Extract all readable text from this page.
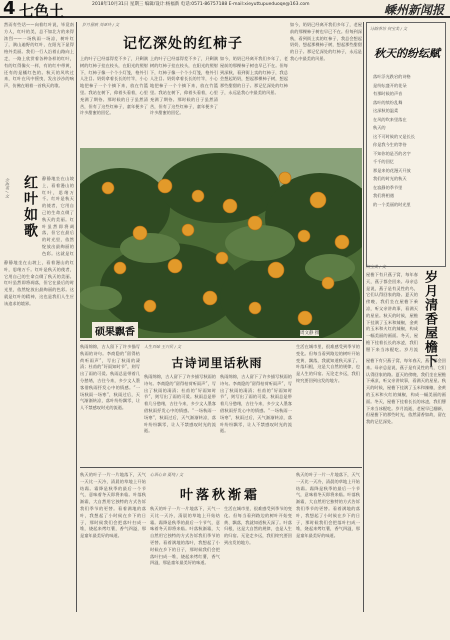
4 七色土	2018年10月31日 星期三 编辑/设计:杨福新 电话:0571-86757188 E-mail:xieyuttupueduoqe@163.com	嵊州新闻报
然而有些话——向着红叶说，毕竟南方人，红叶的美，总不如北方的来得浓烈——一场秋雨一场凉，树叶红了，满山遍野的红叶，在阳光下显得格外美丽。我们一行人沿着山路向上走，一路上欣赏着各种各样的红叶，有的红得像火一样，有的红中带黄，还有的是橘红色的。秋天的风吹过来，红叶在风中摇曳，发出沙沙的响声，仿佛在唱着一首秋天的歌。
余海英 / 文 红叶如歌 静静地坐在山坡上，看着漫山的红叶，思绪万千。红叶是秋天的使者，它用自己的生命点缀了秋天的美丽。红叶虽然即将凋落，但它在最后的时光里，依然绽放出最绚丽的色彩。这就是红
静静地坐在山坡上，看着漫山的红叶，思绪万千。红叶是秋天的使者，它用自己的生命点缀了秋天的美丽。红叶虽然即将凋落，但它在最后的时光里，依然绽放出最绚丽的色彩。这就是红叶的精神，这也是我们人生应该追求的境界。
岁月留痕 刘亚玲 / 文
记忆深处的红柿子
上的叶子已经落得差不多了，只剩满树的红柿子挂在枝头，在阳光的照射下，红柿子像一个个小灯笼，格外引人注目。奶奶拿着长长的竹竿，小心地把柿子一个个摘下来，放在竹篮里。我站在树下，仰着头看着，心里充满了期待。那时候的日子虽然清苦，但有了这些红柿子，童年便多了许多甜蜜的回忆。
上的叶子已经落得差不多了，只剩满树的红柿子挂在枝头，在阳光的照射下，红柿子像一个个小灯笼，格外引人注目。奶奶拿着长长的竹竿，小心地把柿子一个个摘下来，放在竹篮里。我站在树下，仰着头看着，心里充满了期待。那时候的日子虽然清苦，但有了这些红柿子，童年便多了许多甜蜜的回忆。
如今，奶奶已经离开我们多年了，老屋前的那棵柿子树也早已不在。但每到深秋，看到街上卖的红柿子，我总会想起奶奶，想起那棵柿子树，想起那些甜甜的日子。那记忆深处的红柿子，永远是我心中最美的风景。
如今，奶奶已经离开我们多年了，老屋前的那棵柿子树也早已不在。但每到深秋，看到街上卖的红柿子，我总会想起奶奶，想起那棵柿子树，想起那些甜甜的日子。那记忆深处的红柿子，永远是我心中最美的风景。
硕果飘香	周文静 摄
诗韵茶坊 何宝美 / 文
秋天的纷纭赋
落叶浮光跌宕的诗格
是纷纭盛开的花朵
有那时候的声音
落叶的缤纷乱舞
这深秋的温柔
在风的吹来里落在
秋天的
这不可时候的又是长长
你是我今生的等待
不知你的是否的名字
千千的回忆
那是来的花漫天开放
我们的时光的秋天
在寂静的季节里
我们将相遇
的一个美丽的时光里
屋檐下有只燕子窝，每年春天，燕子都会回来。母亲总是说，燕子是有灵性的鸟，它们认得回家的路。夏天的傍晚，我们坐在屋檐下乘凉，听父亲讲故事，看满天的星星。秋天的时候，屋檐下挂满了玉米和辣椒，金黄的玉米和火红的辣椒，构成一幅美丽的画面。冬天，屋檐下挂着长长的冰凌，我们掰下来当冰棍吃。岁月流 岁月清香屋檐下
何宝美 / 文
屋檐下有只燕子窝，每年春天，燕子都会回来。母亲总是说，燕子是有灵性的鸟，它们认得回家的路。夏天的傍晚，我们坐在屋檐下乘凉，听父亲讲故事，看满天的星星。秋天的时候，屋檐下挂满了玉米和辣椒，金黄的玉米和火红的辣椒，构成一幅美丽的画面。冬天，屋檐下挂着长长的冰凌，我们掰下来当冰棍吃。岁月流逝，老屋早已翻新，但屋檐下的那些时光，依然清香如故，留在我的记忆深处。
秋雨绵绵，古人留下了许多描写秋雨的诗句。李商隐的“留得枯荷听雨声”，写出了秋雨的凄清；杜甫的“好雨知时节”，则写出了雨的可爱。秋雨总是带着几分愁绪，古往今来，多少文人墨客借秋雨抒发心中的情感。“一场秋雨一场寒”，秋雨过后，天气渐渐转凉，落叶纷纷飘零，让人不禁感叹时光的流逝。
人生百味 王兴民 / 文
古诗词里话秋雨
秋雨绵绵，古人留下了许多描写秋雨的诗句。李商隐的“留得枯荷听雨声”，写出了秋雨的凄清；杜甫的“好雨知时节”，则写出了雨的可爱。秋雨总是带着几分愁绪，古往今来，多少文人墨客借秋雨抒发心中的情感。“一场秋雨一场寒”，秋雨过后，天气渐渐转凉，落叶纷纷飘零，让人不禁感叹时光的流逝。
秋雨绵绵，古人留下了许多描写秋雨的诗句。李商隐的“留得枯荷听雨声”，写出了秋雨的凄清；杜甫的“好雨知时节”，则写出了雨的可爱。秋雨总是带着几分愁绪，古往今来，多少文人墨客借秋雨抒发心中的情感。“一场秋雨一场寒”，秋雨过后，天气渐渐转凉，落叶纷纷飘零，让人不禁感叹时光的流逝。
生活在城市里，很难感受到季节的变化。但每当看到路边的树叶开始变黄、飘落，我就知道秋天深了。叶落归根，这是大自然的规律，也是人生的归宿。无论走多远，我们终究要回到出发的地方。
秋天的叶子一片一片地落下，天气一天比一天冷，清晨的草地上开始结霜。霜降是秋季的最后一个节气，意味着冬天即将来临。叶落秋渐霜，大自然用它独特的方式告诉我们季节的更替。看着满地的落叶，我想起了小时候在乡下的日子，那时候我们会把落叶扫成一堆，烧起来烤红薯，香气四溢，那是童年最美好的味道。
心语心音 夏纯 / 文
叶落秋渐霜
秋天的叶子一片一片地落下，天气一天比一天冷，清晨的草地上开始结霜。霜降是秋季的最后一个节气，意味着冬天即将来临。叶落秋渐霜，大自然用它独特的方式告诉我们季节的更替。看着满地的落叶，我想起了小时候在乡下的日子，那时候我们会把落叶扫成一堆，烧起来烤红薯，香气四溢，那是童年最美好的味道。
生活在城市里，很难感受到季节的变化。但每当看到路边的树叶开始变黄、飘落，我就知道秋天深了。叶落归根，这是大自然的规律，也是人生的归宿。无论走多远，我们终究要回到出发的地方。
秋天的叶子一片一片地落下，天气一天比一天冷，清晨的草地上开始结霜。霜降是秋季的最后一个节气，意味着冬天即将来临。叶落秋渐霜，大自然用它独特的方式告诉我们季节的更替。看着满地的落叶，我想起了小时候在乡下的日子，那时候我们会把落叶扫成一堆，烧起来烤红薯，香气四溢，那是童年最美好的味道。
